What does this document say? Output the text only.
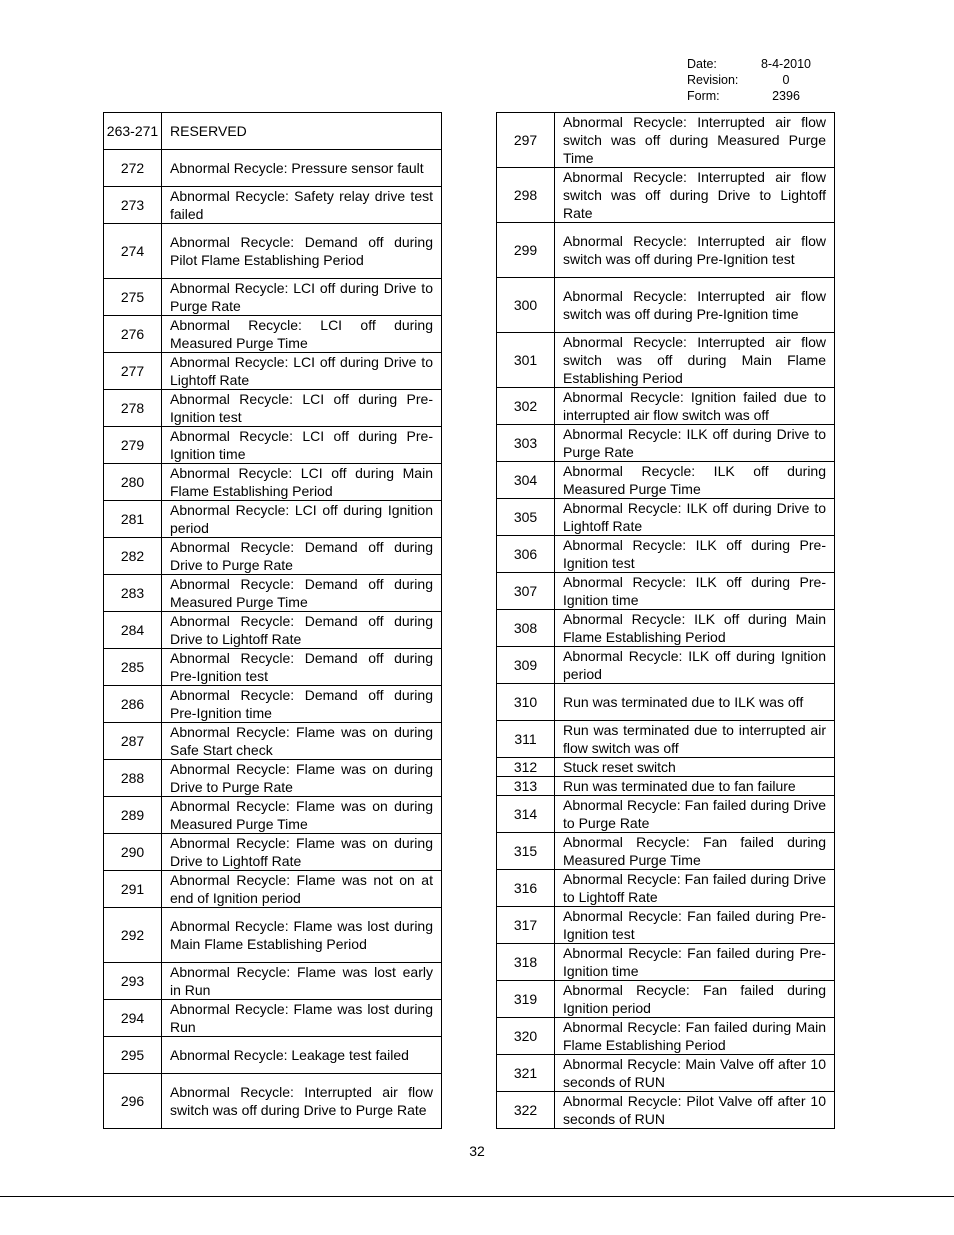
Date:	8-4-2010
Revision:	0
Form:	2396
263-271	RESERVED
272	Abnormal Recycle: Pressure sensor fault
273	Abnormal Recycle: Safety relay drive test failed
274	Abnormal Recycle: Demand off during Pilot Flame Establishing Period
275	Abnormal Recycle: LCI off during Drive to Purge Rate
276	Abnormal Recycle: LCI off during Measured Purge Time
277	Abnormal Recycle: LCI off during Drive to Lightoff Rate
278	Abnormal Recycle: LCI off during Pre-Ignition test
279	Abnormal Recycle: LCI off during Pre-Ignition time
280	Abnormal Recycle: LCI off during Main Flame Establishing Period
281	Abnormal Recycle: LCI off during Ignition period
282	Abnormal Recycle: Demand off during Drive to Purge Rate
283	Abnormal Recycle: Demand off during Measured Purge Time
284	Abnormal Recycle: Demand off during Drive to Lightoff Rate
285	Abnormal Recycle: Demand off during Pre-Ignition test
286	Abnormal Recycle: Demand off during Pre-Ignition time
287	Abnormal Recycle: Flame was on during Safe Start check
288	Abnormal Recycle: Flame was on during Drive to Purge Rate
289	Abnormal Recycle: Flame was on during Measured Purge Time
290	Abnormal Recycle: Flame was on during Drive to Lightoff Rate
291	Abnormal Recycle: Flame was not on at end of Ignition period
292	Abnormal Recycle: Flame was lost during Main Flame Establishing Period
293	Abnormal Recycle: Flame was lost early in Run
294	Abnormal Recycle: Flame was lost during Run
295	Abnormal Recycle: Leakage test failed
296	Abnormal Recycle: Interrupted air flow switch was off during Drive to Purge Rate
297	Abnormal Recycle: Interrupted air flow switch was off during Measured Purge Time
298	Abnormal Recycle: Interrupted air flow switch was off during Drive to Lightoff Rate
299	Abnormal Recycle: Interrupted air flow switch was off during Pre-Ignition test
300	Abnormal Recycle: Interrupted air flow switch was off during Pre-Ignition time
301	Abnormal Recycle: Interrupted air flow switch was off during Main Flame Establishing Period
302	Abnormal Recycle: Ignition failed due to interrupted air flow switch was off
303	Abnormal Recycle: ILK off during Drive to Purge Rate
304	Abnormal Recycle: ILK off during Measured Purge Time
305	Abnormal Recycle: ILK off during Drive to Lightoff Rate
306	Abnormal Recycle: ILK off during Pre-Ignition test
307	Abnormal Recycle: ILK off during Pre-Ignition time
308	Abnormal Recycle: ILK off during Main Flame Establishing Period
309	Abnormal Recycle: ILK off during Ignition period
310	Run was terminated due to ILK was off
311	Run was terminated due to interrupted air flow switch was off
312	Stuck reset switch
313	Run was terminated due to fan failure
314	Abnormal Recycle: Fan failed during Drive to Purge Rate
315	Abnormal Recycle: Fan failed during Measured Purge Time
316	Abnormal Recycle: Fan failed during Drive to Lightoff Rate
317	Abnormal Recycle: Fan failed during Pre-Ignition test
318	Abnormal Recycle: Fan failed during Pre-Ignition time
319	Abnormal Recycle: Fan failed during Ignition period
320	Abnormal Recycle: Fan failed during Main Flame Establishing Period
321	Abnormal Recycle: Main Valve off after 10 seconds of RUN
322	Abnormal Recycle: Pilot Valve off after 10 seconds of RUN
32
